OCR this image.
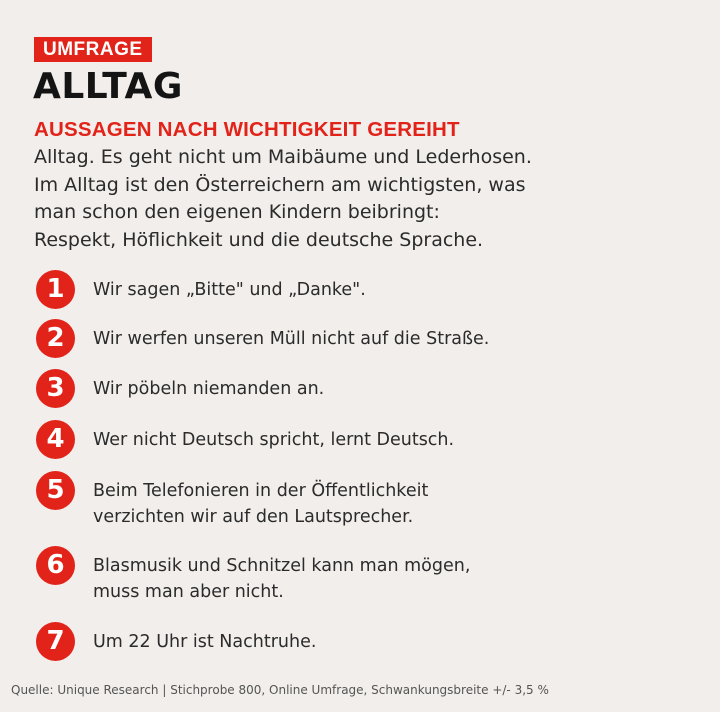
UMFRAGE
ALLTAG
AUSSAGEN NACH WICHTIGKEIT GEREIHT
Alltag. Es geht nicht um Maibäume und Lederhosen.
Im Alltag ist den Österreichern am wichtigsten, was
man schon den eigenen Kindern beibringt:
Respekt, Höflichkeit und die deutsche Sprache.
1	Wir sagen „Bitte" und „Danke".
2	Wir werfen unseren Müll nicht auf die Straße.
3	Wir pöbeln niemanden an.
4	Wer nicht Deutsch spricht, lernt Deutsch.
5	Beim Telefonieren in der Öffentlichkeit
verzichten wir auf den Lautsprecher.
6	Blasmusik und Schnitzel kann man mögen,
muss man aber nicht.
7	Um 22 Uhr ist Nachtruhe.
Quelle: Unique Research | Stichprobe 800, Online Umfrage, Schwankungsbreite +/- 3,5 %
